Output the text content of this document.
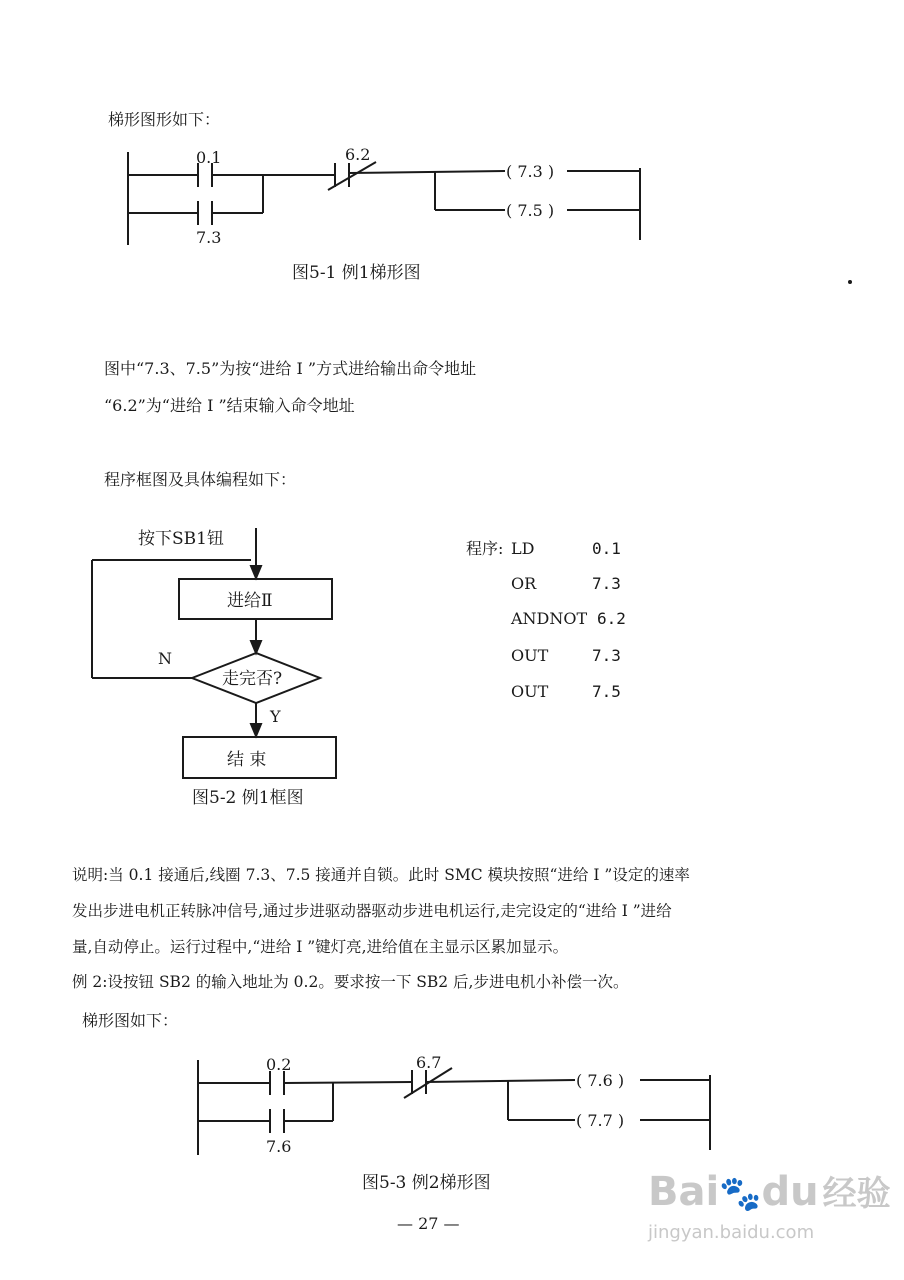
梯形图形如下：
0.1
7.3
6.2
( 7.3 )
( 7.5 )
图5-1 例1梯形图
图中“7.3、7.5”为按“进给 Ⅰ ”方式进给输出命令地址
“6.2”为“进给 Ⅰ ”结束输入命令地址
程序框图及具体编程如下：
按下SB1钮
进给Ⅱ
走完否?
N
Y
结 束
图5-2 例1框图
程序: LD	0.1
OR	7.3
ANDNOT 6.2
OUT	7.3
OUT	7.5
说明:当 0.1 接通后,线圈 7.3、7.5 接通并自锁。此时 SMC 模块按照“进给 Ⅰ ”设定的速率
发出步进电机正转脉冲信号,通过步进驱动器驱动步进电机运行,走完设定的“进给 Ⅰ ”进给
量,自动停止。运行过程中,“进给 Ⅰ ”键灯亮,进给值在主显示区累加显示。
例 2:设按钮 SB2 的输入地址为 0.2。要求按一下 SB2 后,步进电机小补偿一次。
梯形图如下：
0.2
7.6
6.7
( 7.6 )
( 7.7 )
图5-3 例2梯形图
— 27 —
Bai🐾du 经验
jingyan.baidu.com
